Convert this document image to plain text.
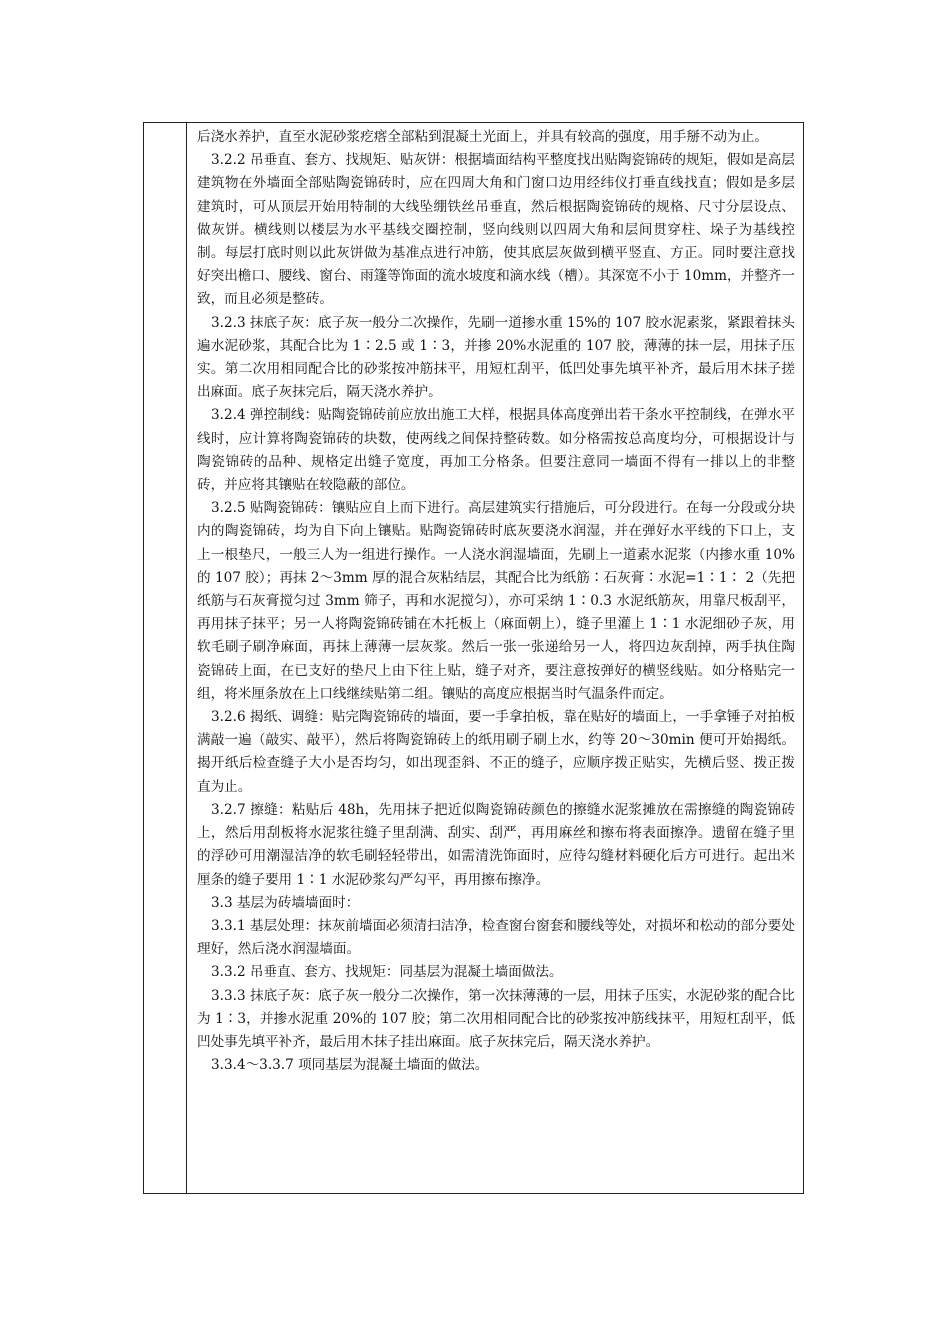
后浇水养护，直至水泥砂浆疙瘩全部粘到混凝土光面上，并具有较高的强度，用手掰不动为止。

3.2.2 吊垂直、套方、找规矩、贴灰饼：根据墙面结构平整度找出贴陶瓷锦砖的规矩，假如是高层建筑物在外墙面全部贴陶瓷锦砖时，应在四周大角和门窗口边用经纬仪打垂直线找直；假如是多层建筑时，可从顶层开始用特制的大线坠绷铁丝吊垂直，然后根据陶瓷锦砖的规格、尺寸分层设点、做灰饼。横线则以楼层为水平基线交圈控制，竖向线则以四周大角和层间贯穿柱、垛子为基线控制。每层打底时则以此灰饼做为基准点进行冲筋，使其底层灰做到横平竖直、方正。同时要注意找好突出檐口、腰线、窗台、雨篷等饰面的流水坡度和滴水线（槽）。其深宽不小于 10mm，并整齐一致，而且必须是整砖。

3.2.3 抹底子灰：底子灰一般分二次操作，先刷一道掺水重 15%的 107 胶水泥素浆，紧跟着抹头遍水泥砂浆，其配合比为 1∶2.5 或 1∶3，并掺 20%水泥重的 107 胶，薄薄的抹一层，用抹子压实。第二次用相同配合比的砂浆按冲筋抹平，用短杠刮平，低凹处事先填平补齐，最后用木抹子搓出麻面。底子灰抹完后，隔天浇水养护。

3.2.4 弹控制线：贴陶瓷锦砖前应放出施工大样，根据具体高度弹出若干条水平控制线，在弹水平线时，应计算将陶瓷锦砖的块数，使两线之间保持整砖数。如分格需按总高度均分，可根据设计与陶瓷锦砖的品种、规格定出缝子宽度，再加工分格条。但要注意同一墙面不得有一排以上的非整砖，并应将其镶贴在较隐蔽的部位。

3.2.5 贴陶瓷锦砖：镶贴应自上而下进行。高层建筑实行措施后，可分段进行。在每一分段或分块内的陶瓷锦砖，均为自下向上镶贴。贴陶瓷锦砖时底灰要浇水润湿，并在弹好水平线的下口上，支上一根垫尺，一般三人为一组进行操作。一人浇水润湿墙面，先刷上一道素水泥浆（内掺水重 10%的 107 胶）；再抹 2～3mm 厚的混合灰粘结层，其配合比为纸筋∶石灰膏∶水泥=1∶1∶ 2（先把纸筋与石灰膏搅匀过 3mm 筛子，再和水泥搅匀），亦可采纳 1∶0.3 水泥纸筋灰，用靠尺板刮平，再用抹子抹平；另一人将陶瓷锦砖铺在木托板上（麻面朝上），缝子里灌上 1∶1 水泥细砂子灰，用软毛刷子刷净麻面，再抹上薄薄一层灰浆。然后一张一张递给另一人，将四边灰刮掉，两手执住陶瓷锦砖上面，在已支好的垫尺上由下往上贴，缝子对齐，要注意按弹好的横竖线贴。如分格贴完一组，将米厘条放在上口线继续贴第二组。镶贴的高度应根据当时气温条件而定。

3.2.6 揭纸、调缝：贴完陶瓷锦砖的墙面，要一手拿拍板，靠在贴好的墙面上，一手拿锤子对拍板满敲一遍（敲实、敲平），然后将陶瓷锦砖上的纸用刷子刷上水，约等 20～30min 便可开始揭纸。揭开纸后检查缝子大小是否均匀，如出现歪斜、不正的缝子，应顺序拨正贴实，先横后竖、拨正拨直为止。

3.2.7 擦缝：粘贴后 48h，先用抹子把近似陶瓷锦砖颜色的擦缝水泥浆摊放在需擦缝的陶瓷锦砖上，然后用刮板将水泥浆往缝子里刮满、刮实、刮严，再用麻丝和擦布将表面擦净。遗留在缝子里的浮砂可用潮湿洁净的软毛刷轻轻带出，如需清洗饰面时，应待勾缝材料硬化后方可进行。起出米厘条的缝子要用 1∶1 水泥砂浆勾严勾平，再用擦布擦净。

3.3 基层为砖墙墙面时：

3.3.1 基层处理：抹灰前墙面必须清扫洁净，检查窗台窗套和腰线等处，对损坏和松动的部分要处理好，然后浇水润湿墙面。

3.3.2 吊垂直、套方、找规矩：同基层为混凝土墙面做法。

3.3.3 抹底子灰：底子灰一般分二次操作，第一次抹薄薄的一层，用抹子压实，水泥砂浆的配合比为 1∶3，并掺水泥重 20%的 107 胶；第二次用相同配合比的砂浆按冲筋线抹平，用短杠刮平，低凹处事先填平补齐，最后用木抹子挂出麻面。底子灰抹完后，隔天浇水养护。

3.3.4～3.3.7 项同基层为混凝土墙面的做法。
